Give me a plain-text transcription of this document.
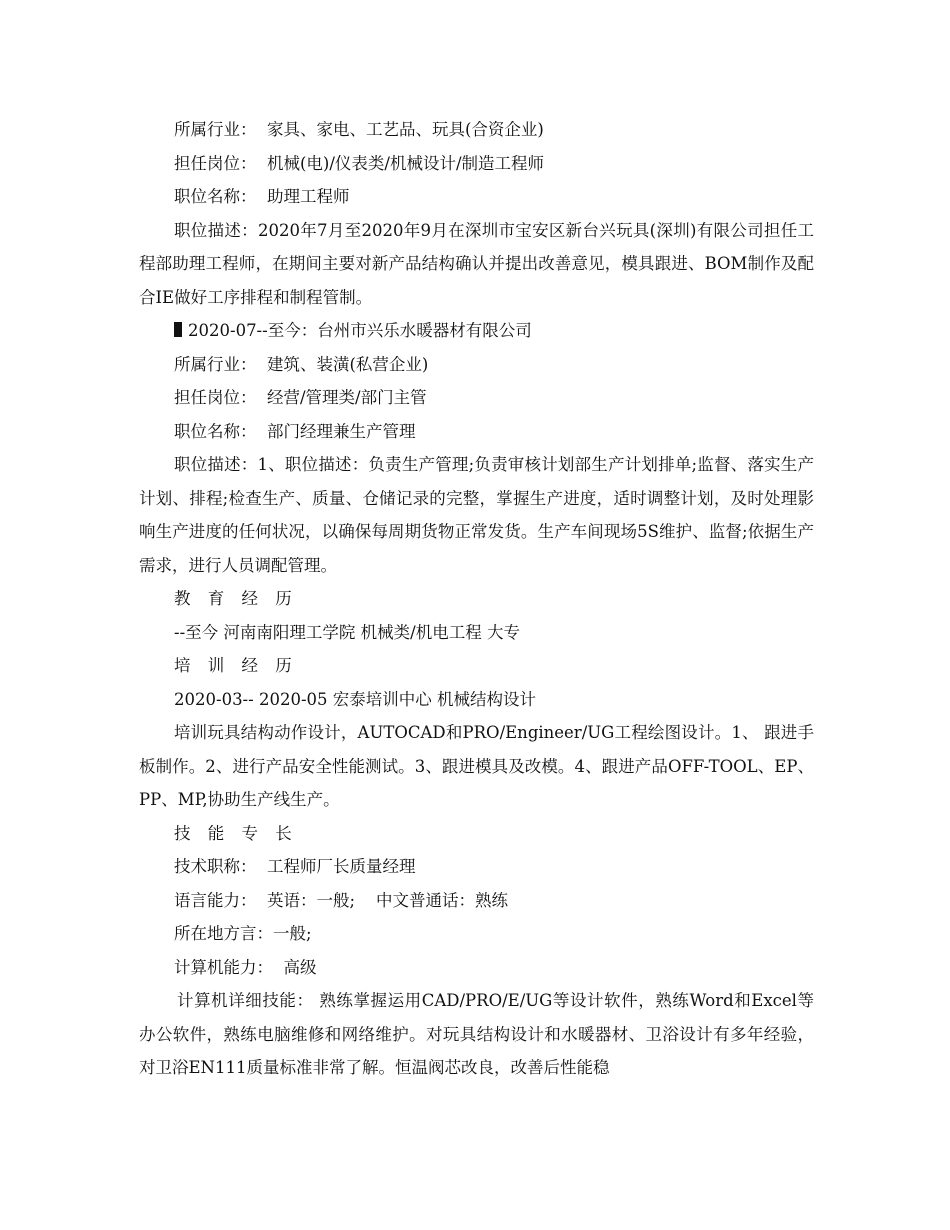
所属行业：  家具、家电、工艺品、玩具(合资企业)
担任岗位：  机械(电)/仪表类/机械设计/制造工程师
职位名称：  助理工程师
职位描述：2020年7月至2020年9月在深圳市宝安区新台兴玩具(深圳)有限公司担任工程部助理工程师，在期间主要对新产品结构确认并提出改善意见，模具跟进、BOM制作及配合IE做好工序排程和制程管制。
2020-07--至今：台州市兴乐水暖器材有限公司
所属行业：  建筑、装潢(私营企业)
担任岗位：  经营/管理类/部门主管
职位名称：  部门经理兼生产管理
职位描述：1、职位描述：负责生产管理;负责审核计划部生产计划排单;监督、落实生产计划、排程;检查生产、质量、仓储记录的完整，掌握生产进度，适时调整计划，及时处理影响生产进度的任何状况，以确保每周期货物正常发货。生产车间现场5S维护、监督;依据生产需求，进行人员调配管理。
教 育 经 历
--至今 河南南阳理工学院 机械类/机电工程 大专
培 训 经 历
2020-03-- 2020-05 宏泰培训中心 机械结构设计
培训玩具结构动作设计，AUTOCAD和PRO/Engineer/UG工程绘图设计。1、 跟进手板制作。2、进行产品安全性能测试。3、跟进模具及改模。4、跟进产品OFF-TOOL、EP、PP、MP,协助生产线生产。
技 能 专 长
技术职称：  工程师厂长质量经理
语言能力：  英语：一般;    中文普通话：熟练
所在地方言：一般;
计算机能力：  高级
计算机详细技能： 熟练掌握运用CAD/PRO/E/UG等设计软件，熟练Word和Excel等办公软件，熟练电脑维修和网络维护。对玩具结构设计和水暖器材、卫浴设计有多年经验，对卫浴EN111质量标准非常了解。恒温阀芯改良，改善后性能稳
